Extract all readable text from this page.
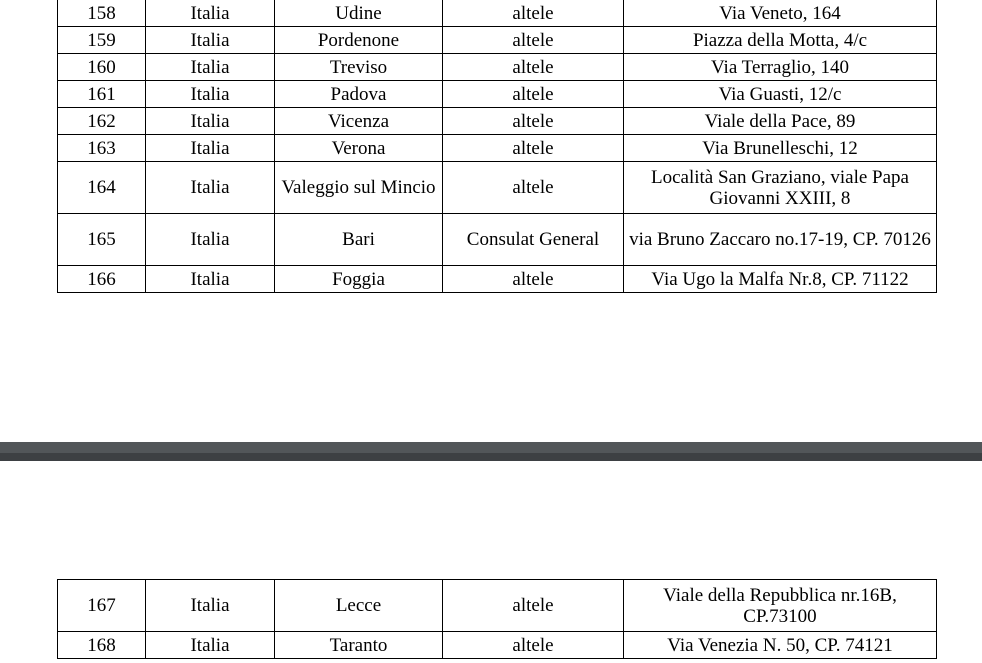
158	Italia	Udine	altele	Via Veneto, 164
159	Italia	Pordenone	altele	Piazza della Motta, 4/c
160	Italia	Treviso	altele	Via Terraglio, 140
161	Italia	Padova	altele	Via Guasti, 12/c
162	Italia	Vicenza	altele	Viale della Pace, 89
163	Italia	Verona	altele	Via Brunelleschi, 12
164	Italia	Valeggio sul Mincio	altele	Località San Graziano, viale Papa Giovanni XXIII, 8
165	Italia	Bari	Consulat General	via Bruno Zaccaro no.17-19, CP. 70126
166	Italia	Foggia	altele	Via Ugo la Malfa Nr.8, CP. 71122
167	Italia	Lecce	altele	Viale della Repubblica nr.16B, CP.73100
168	Italia	Taranto	altele	Via Venezia N. 50, CP. 74121
